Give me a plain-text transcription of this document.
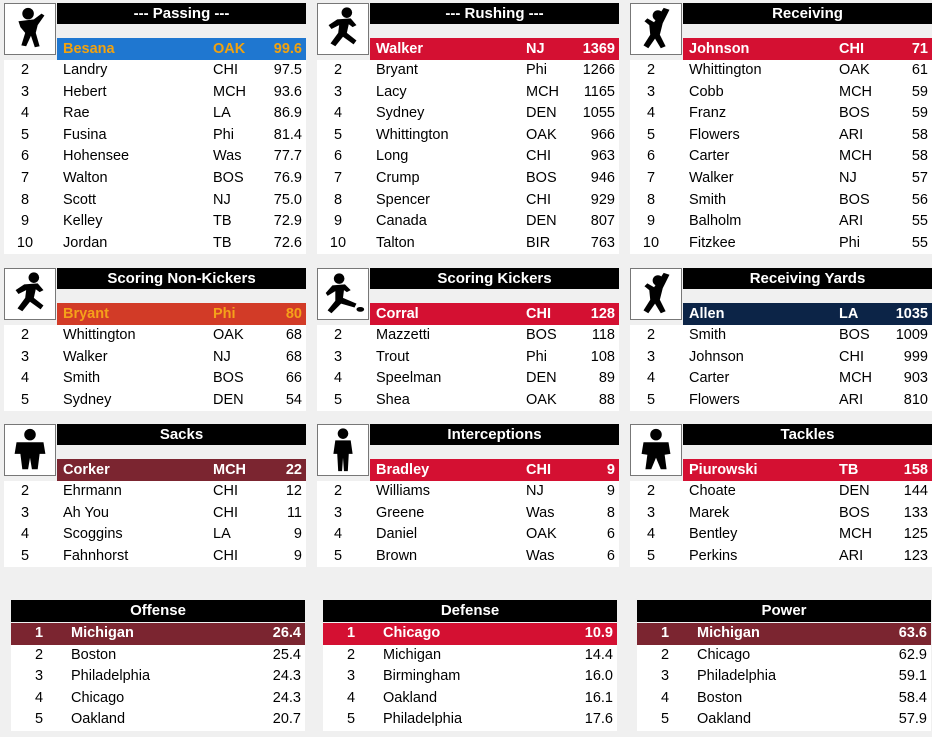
--- Passing ---
Besana	OAK 99.6
2	Landry	CHI 97.5
3	Hebert	MCH 93.6
4	Rae	LA	86.9
5	Fusina	Phi	81.4
6	Hohensee	Was 77.7
7	Walton	BOS 76.9
8	Scott	NJ	75.0
9	Kelley	TB	72.9
10 Jordan	TB	72.6
--- Rushing ---
Walker	NJ	1369
2	Bryant	Phi 1266
3	Lacy	MCH 1165
4	Sydney	DEN 1055
5	Whittington	OAK 966
6	Long	CHI	963
7	Crump	BOS 946
8	Spencer	CHI	929
9	Canada	DEN 807
10 Talton	BIR	763
Receiving
Johnson	CHI	71
2	Whittington	OAK	61
3	Cobb	MCH	59
4	Franz	BOS	59
5	Flowers	ARI	58
6	Carter	MCH	58
7	Walker	NJ	57
8	Smith	BOS	56
9	Balholm	ARI	55
10 Fitzkee	Phi	55
Scoring Non-Kickers
Bryant	Phi	80
2	Whittington	OAK	68
3	Walker	NJ	68
4	Smith	BOS	66
5	Sydney	DEN	54
Scoring Kickers
Corral	CHI	128
2	Mazzetti	BOS 118
3	Trout	Phi	108
4	Speelman	DEN	89
5	Shea	OAK	88
Receiving Yards
Allen	LA	1035
2	Smith	BOS 1009
3	Johnson	CHI	999
4	Carter	MCH 903
5	Flowers	ARI	810
Sacks
Corker	MCH	22
2	Ehrmann	CHI	12
3	Ah You	CHI	11
4	Scoggins	LA	9
5	Fahnhorst	CHI	9
Interceptions
Bradley	CHI	9
2	Williams	NJ	9
3	Greene	Was	8
4	Daniel	OAK	6
5	Brown	Was	6
Tackles
Piurowski	TB	158
2	Choate	DEN 144
3	Marek	BOS 133
4	Bentley	MCH 125
5	Perkins	ARI	123
Offense
1 Michigan	26.4
2 Boston	25.4
3 Philadelphia	24.3
4 Chicago	24.3
5 Oakland	20.7
Defense
1 Chicago	10.9
2 Michigan	14.4
3 Birmingham	16.0
4 Oakland	16.1
5 Philadelphia	17.6
Power
1 Michigan	63.6
2 Chicago	62.9
3 Philadelphia	59.1
4 Boston	58.4
5 Oakland	57.9
